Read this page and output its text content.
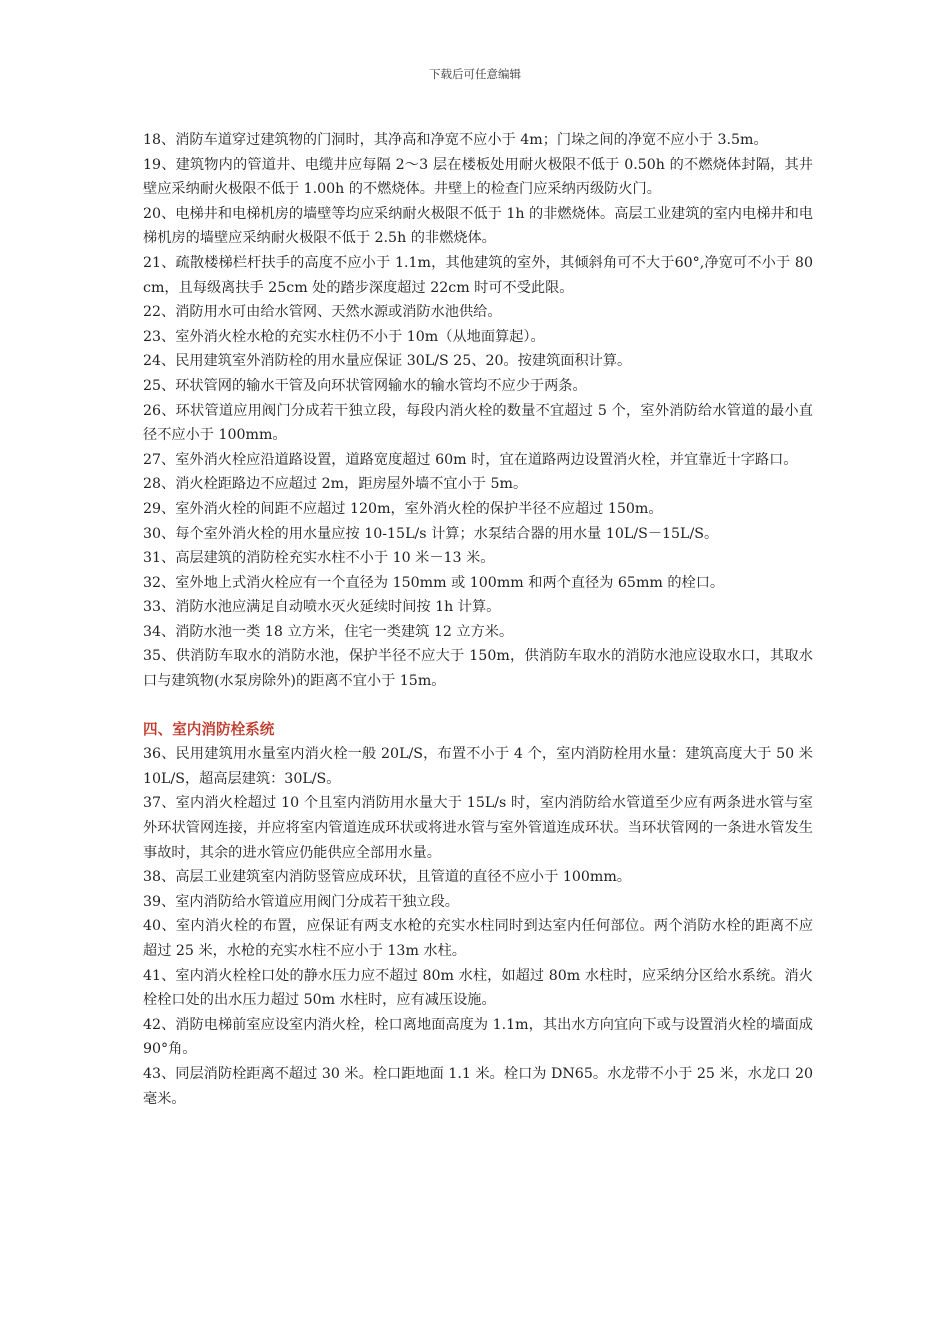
下载后可任意编辑

18、消防车道穿过建筑物的门洞时，其净高和净宽不应小于 4m；门垛之间的净宽不应小于 3.5m。

19、建筑物内的管道井、电缆井应每隔 2～3 层在楼板处用耐火极限不低于 0.50h 的不燃烧体封隔，其井壁应采纳耐火极限不低于 1.00h 的不燃烧体。井壁上的检查门应采纳丙级防火门。

20、电梯井和电梯机房的墙壁等均应采纳耐火极限不低于 1h 的非燃烧体。高层工业建筑的室内电梯井和电梯机房的墙壁应采纳耐火极限不低于 2.5h 的非燃烧体。

21、疏散楼梯栏杆扶手的高度不应小于 1.1m，其他建筑的室外，其倾斜角可不大于60°,净宽可不小于 80cm，且每级离扶手 25cm 处的踏步深度超过 22cm 时可不受此限。

22、消防用水可由给水管网、天然水源或消防水池供给。

23、室外消火栓水枪的充实水柱仍不小于 10m（从地面算起）。

24、民用建筑室外消防栓的用水量应保证 30L/S 25、20。按建筑面积计算。

25、环状管网的输水干管及向环状管网输水的输水管均不应少于两条。

26、环状管道应用阀门分成若干独立段，每段内消火栓的数量不宜超过 5 个，室外消防给水管道的最小直径不应小于 100mm。

27、室外消火栓应沿道路设置，道路宽度超过 60m 时，宜在道路两边设置消火栓，并宜靠近十字路口。

28、消火栓距路边不应超过 2m，距房屋外墙不宜小于 5m。

29、室外消火栓的间距不应超过 120m，室外消火栓的保护半径不应超过 150m。

30、每个室外消火栓的用水量应按 10-15L/s 计算；水泵结合器的用水量 10L/S－15L/S。

31、高层建筑的消防栓充实水柱不小于 10 米－13 米。

32、室外地上式消火栓应有一个直径为 150mm 或 100mm 和两个直径为 65mm 的栓口。

33、消防水池应满足自动喷水灭火延续时间按 1h 计算。

34、消防水池一类 18 立方米，住宅一类建筑 12 立方米。

35、供消防车取水的消防水池，保护半径不应大于 150m，供消防车取水的消防水池应设取水口，其取水口与建筑物(水泵房除外)的距离不宜小于 15m。

四、室内消防栓系统

36、民用建筑用水量室内消火栓一般 20L/S，布置不小于 4 个，室内消防栓用水量：建筑高度大于 50 米 10L/S，超高层建筑：30L/S。

37、室内消火栓超过 10 个且室内消防用水量大于 15L/s 时，室内消防给水管道至少应有两条进水管与室外环状管网连接，并应将室内管道连成环状或将进水管与室外管道连成环状。当环状管网的一条进水管发生事故时，其余的进水管应仍能供应全部用水量。

38、高层工业建筑室内消防竖管应成环状，且管道的直径不应小于 100mm。

39、室内消防给水管道应用阀门分成若干独立段。

40、室内消火栓的布置，应保证有两支水枪的充实水柱同时到达室内任何部位。两个消防水栓的距离不应超过 25 米，水枪的充实水柱不应小于 13m 水柱。

41、室内消火栓栓口处的静水压力应不超过 80m 水柱，如超过 80m 水柱时，应采纳分区给水系统。消火栓栓口处的出水压力超过 50m 水柱时，应有减压设施。

42、消防电梯前室应设室内消火栓，栓口离地面高度为 1.1m，其出水方向宜向下或与设置消火栓的墙面成 90°角。

43、同层消防栓距离不超过 30 米。栓口距地面 1.1 米。栓口为 DN65。水龙带不小于 25 米，水龙口 20 毫米。
